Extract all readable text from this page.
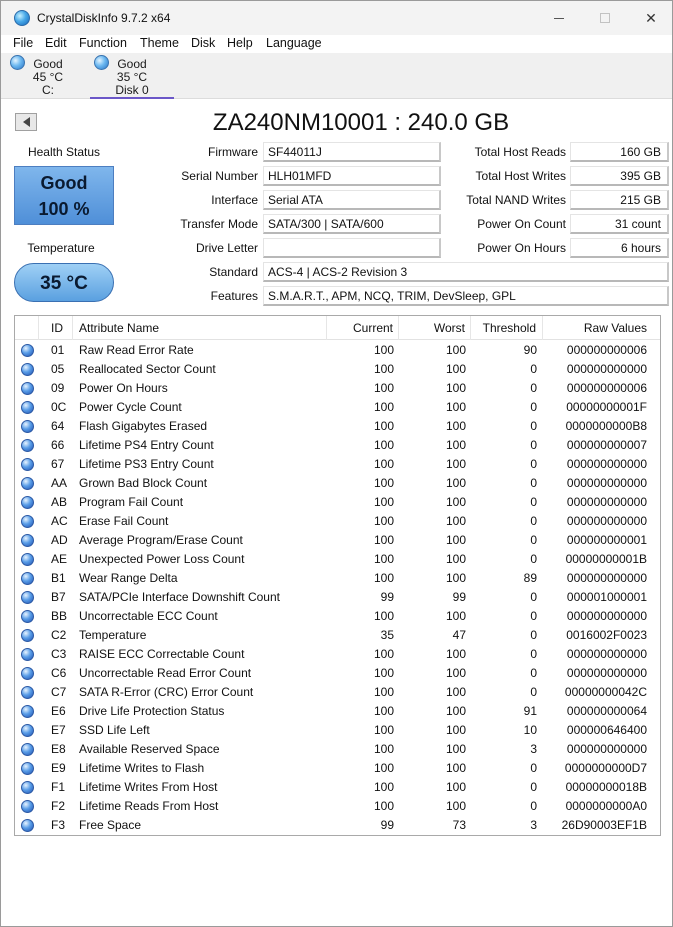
CrystalDiskInfo 9.7.2 x64	✕
File Edit Function Theme Disk Help Language
Good
45 °C
C:
Good
35 °C
Disk 0
ZA240NM10001 : 240.0 GB
Health Status
Good
100 %
Temperature
35 °C
Firmware SF44011J
Serial Number HLH01MFD
Interface Serial ATA
Transfer Mode SATA/300 | SATA/600
Drive Letter
Standard ACS-4 | ACS-2 Revision 3
Features S.M.A.R.T., APM, NCQ, TRIM, DevSleep, GPL
Total Host Reads	160 GB
Total Host Writes	395 GB
Total NAND Writes	215 GB
Power On Count	31 count
Power On Hours	6 hours
ID	Attribute Name	Current	Worst	Threshold	Raw Values
01	Raw Read Error Rate	100	100	90	000000000006
05	Reallocated Sector Count	100	100	0	000000000000
09	Power On Hours	100	100	0	000000000006
0C	Power Cycle Count	100	100	0	00000000001F
64	Flash Gigabytes Erased	100	100	0	0000000000B8
66	Lifetime PS4 Entry Count	100	100	0	000000000007
67	Lifetime PS3 Entry Count	100	100	0	000000000000
AA Grown Bad Block Count	100	100	0	000000000000
AB Program Fail Count	100	100	0	000000000000
AC Erase Fail Count	100	100	0	000000000000
AD Average Program/Erase Count	100	100	0	000000000001
AE Unexpected Power Loss Count	100	100	0	00000000001B
B1	Wear Range Delta	100	100	89	000000000000
B7	SATA/PCIe Interface Downshift Count	99	99	0	000001000001
BB Uncorrectable ECC Count	100	100	0	000000000000
C2	Temperature	35	47	0	0016002F0023
C3	RAISE ECC Correctable Count	100	100	0	000000000000
C6	Uncorrectable Read Error Count	100	100	0	000000000000
C7	SATA R-Error (CRC) Error Count	100	100	0	00000000042C
E6	Drive Life Protection Status	100	100	91	000000000064
E7	SSD Life Left	100	100	10	000000646400
E8	Available Reserved Space	100	100	3	000000000000
E9	Lifetime Writes to Flash	100	100	0	0000000000D7
F1	Lifetime Writes From Host	100	100	0	00000000018B
F2	Lifetime Reads From Host	100	100	0	0000000000A0
F3	Free Space	99	73	3	26D90003EF1B
